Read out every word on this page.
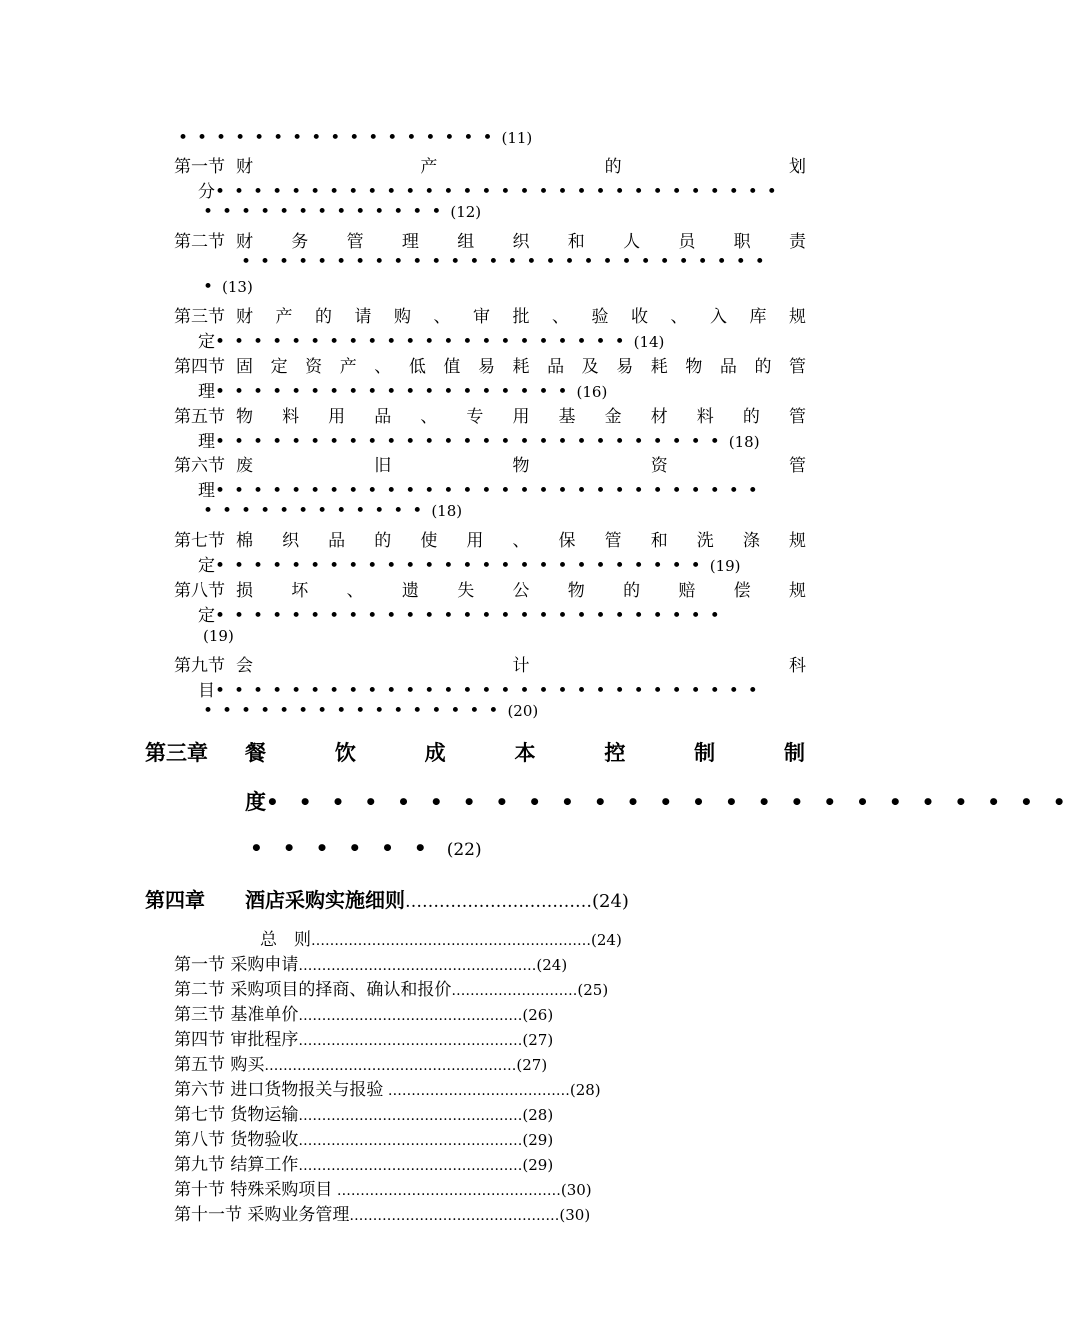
•••••••••••••••••(11)
第一节 财	产	的	划
分••••••••••••••••••••••••••••••
•••••••••••••(12)
第二节 财 务 管 理 组 织 和 人 员 职 责
••••••••••••••••••••••••••••
•(13)
第三节 财 产 的 请 购 、 审 批 、 验 收 、 入 库 规
定••••••••••••••••••••••(14)
第四节 固 定 资 产 、 低 值 易 耗 品 及 易 耗 物 品 的 管
理•••••••••••••••••••(16)
第五节 物 料 用 品 、 专 用 基 金 材 料 的 管
理•••••••••••••••••••••••••••(18)
第六节 废	旧	物	资	管
理•••••••••••••••••••••••••••••
••••••••••••(18)
第七节 棉 织 品 的 使 用 、 保 管 和 洗 涤 规
定••••••••••••••••••••••••••(19)
第八节 损 坏 、 遗 失 公 物 的 赔 偿 规
定•••••••••••••••••••••••••••
(19)
第九节 会	计	科
目•••••••••••••••••••••••••••••
••••••••••••••••(20)
第三章 餐	饮	成	本	控	制	制
度•••••••••••••••••••••••••
••••••(22)
第四章 酒店采购实施细则……………………………(24)
总　则……………………………………………………(24)
第一节 采购申请……………………………………………(24)
第二节 采购项目的择商、确认和报价………………………(25)
第三节 基准单价…………………………………………(26)
第四节 审批程序…………………………………………(27)
第五节 购买………………………………………………(27)
第六节 进口货物报关与报验 …………………………………(28)
第七节 货物运输…………………………………………(28)
第八节 货物验收…………………………………………(29)
第九节 结算工作…………………………………………(29)
第十节 特殊采购项目 …………………………………………(30)
第十一节 采购业务管理………………………………………(30)
